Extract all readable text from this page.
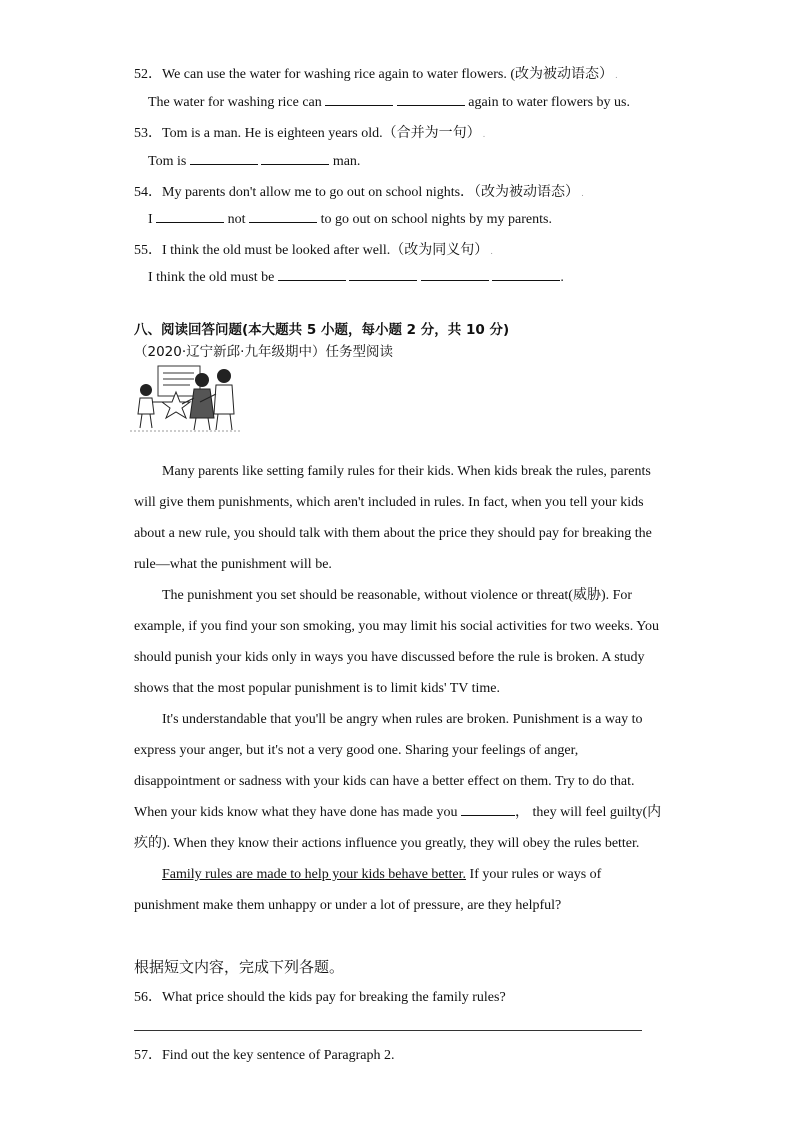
52．We can use the water for washing rice again to water flowers. (改为被动语态） .
The water for washing rice can	again to water flowers by us.
53．Tom is a man. He is eighteen years old.（合并为一句） .
Tom is	man.
54．My parents don't allow me to go out on school nights．（改为被动语态） .
I	not	to go out on school nights by my parents.
55．I think the old must be looked after well.（改为同义句） .
I think the old must be	.
八、阅读回答问题(本大题共 5 小题，每小题 2 分，共 10 分)
（2020·辽宁新邱·九年级期中）任务型阅读

Many parents like setting family rules for their kids. When kids break the rules, parents will give them punishments, which aren't included in rules. In fact, when you tell your kids about a new rule, you should talk with them about the price they should pay for breaking the rule—what the punishment will be.

The punishment you set should be reasonable, without violence or threat(威胁). For example, if you find your son smoking, you may limit his social activities for two weeks. You should punish your kids only in ways you have discussed before the rule is broken. A study shows that the most popular punishment is to limit kids' TV time.

It's understandable that you'll be angry when rules are broken. Punishment is a way to express your anger, but it's not a very good one. Sharing your feelings of anger, disappointment or sadness with your kids can have a better effect on them. Try to do that. When your kids know what they have done has made you	， they will feel guilty(内疚的). When they know their actions influence you greatly, they will obey the rules better.

Family rules are made to help your kids behave better. If your rules or ways of punishment make them unhappy or under a lot of pressure, are they helpful?

根据短文内容，完成下列各题。
56．What price should the kids pay for breaking the family rules?
57．Find out the key sentence of Paragraph 2.
